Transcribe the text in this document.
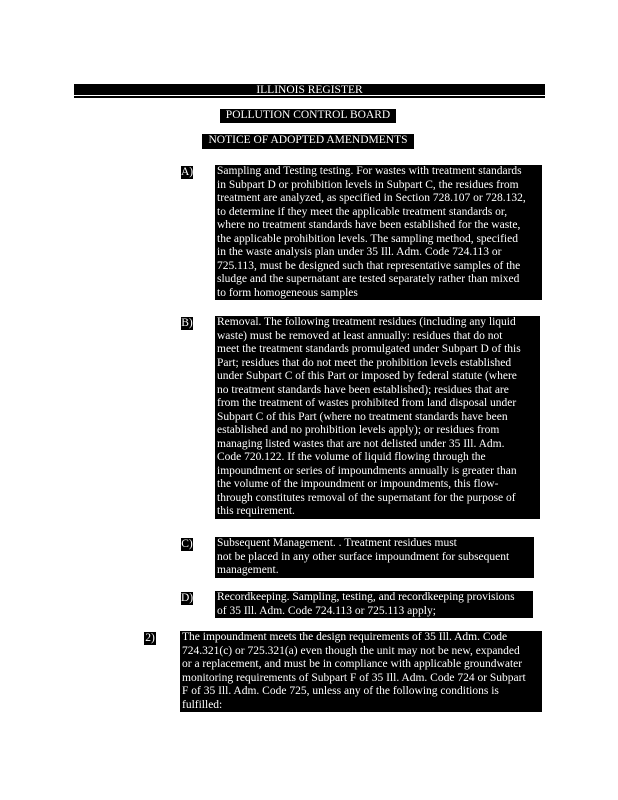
ILLINOIS REGISTER
POLLUTION CONTROL BOARD
NOTICE OF ADOPTED AMENDMENTS
A) Sampling and Testing testing. For wastes with treatment standards
in Subpart D or prohibition levels in Subpart C, the residues from
treatment are analyzed, as specified in Section 728.107 or 728.132,
to determine if they meet the applicable treatment standards or,
where no treatment standards have been established for the waste,
the applicable prohibition levels. The sampling method, specified
in the waste analysis plan under 35 Ill. Adm. Code 724.113 or
725.113, must be designed such that representative samples of the
sludge and the supernatant are tested separately rather than mixed
to form homogeneous samples
B) Removal. The following treatment residues (including any liquid
waste) must be removed at least annually: residues that do not
meet the treatment standards promulgated under Subpart D of this
Part; residues that do not meet the prohibition levels established
under Subpart C of this Part or imposed by federal statute (where
no treatment standards have been established); residues that are
from the treatment of wastes prohibited from land disposal under
Subpart C of this Part (where no treatment standards have been
established and no prohibition levels apply); or residues from
managing listed wastes that are not delisted under 35 Ill. Adm.
Code 720.122. If the volume of liquid flowing through the
impoundment or series of impoundments annually is greater than
the volume of the impoundment or impoundments, this flow-
through constitutes removal of the supernatant for the purpose of
this requirement.
C) Subsequent Management. . Treatment residues must
not be placed in any other surface impoundment for subsequent
management.
D) Recordkeeping. Sampling, testing, and recordkeeping provisions
of 35 Ill. Adm. Code 724.113 or 725.113 apply;
2) The impoundment meets the design requirements of 35 Ill. Adm. Code
724.321(c) or 725.321(a) even though the unit may not be new, expanded
or a replacement, and must be in compliance with applicable groundwater
monitoring requirements of Subpart F of 35 Ill. Adm. Code 724 or Subpart
F of 35 Ill. Adm. Code 725, unless any of the following conditions is
fulfilled:
